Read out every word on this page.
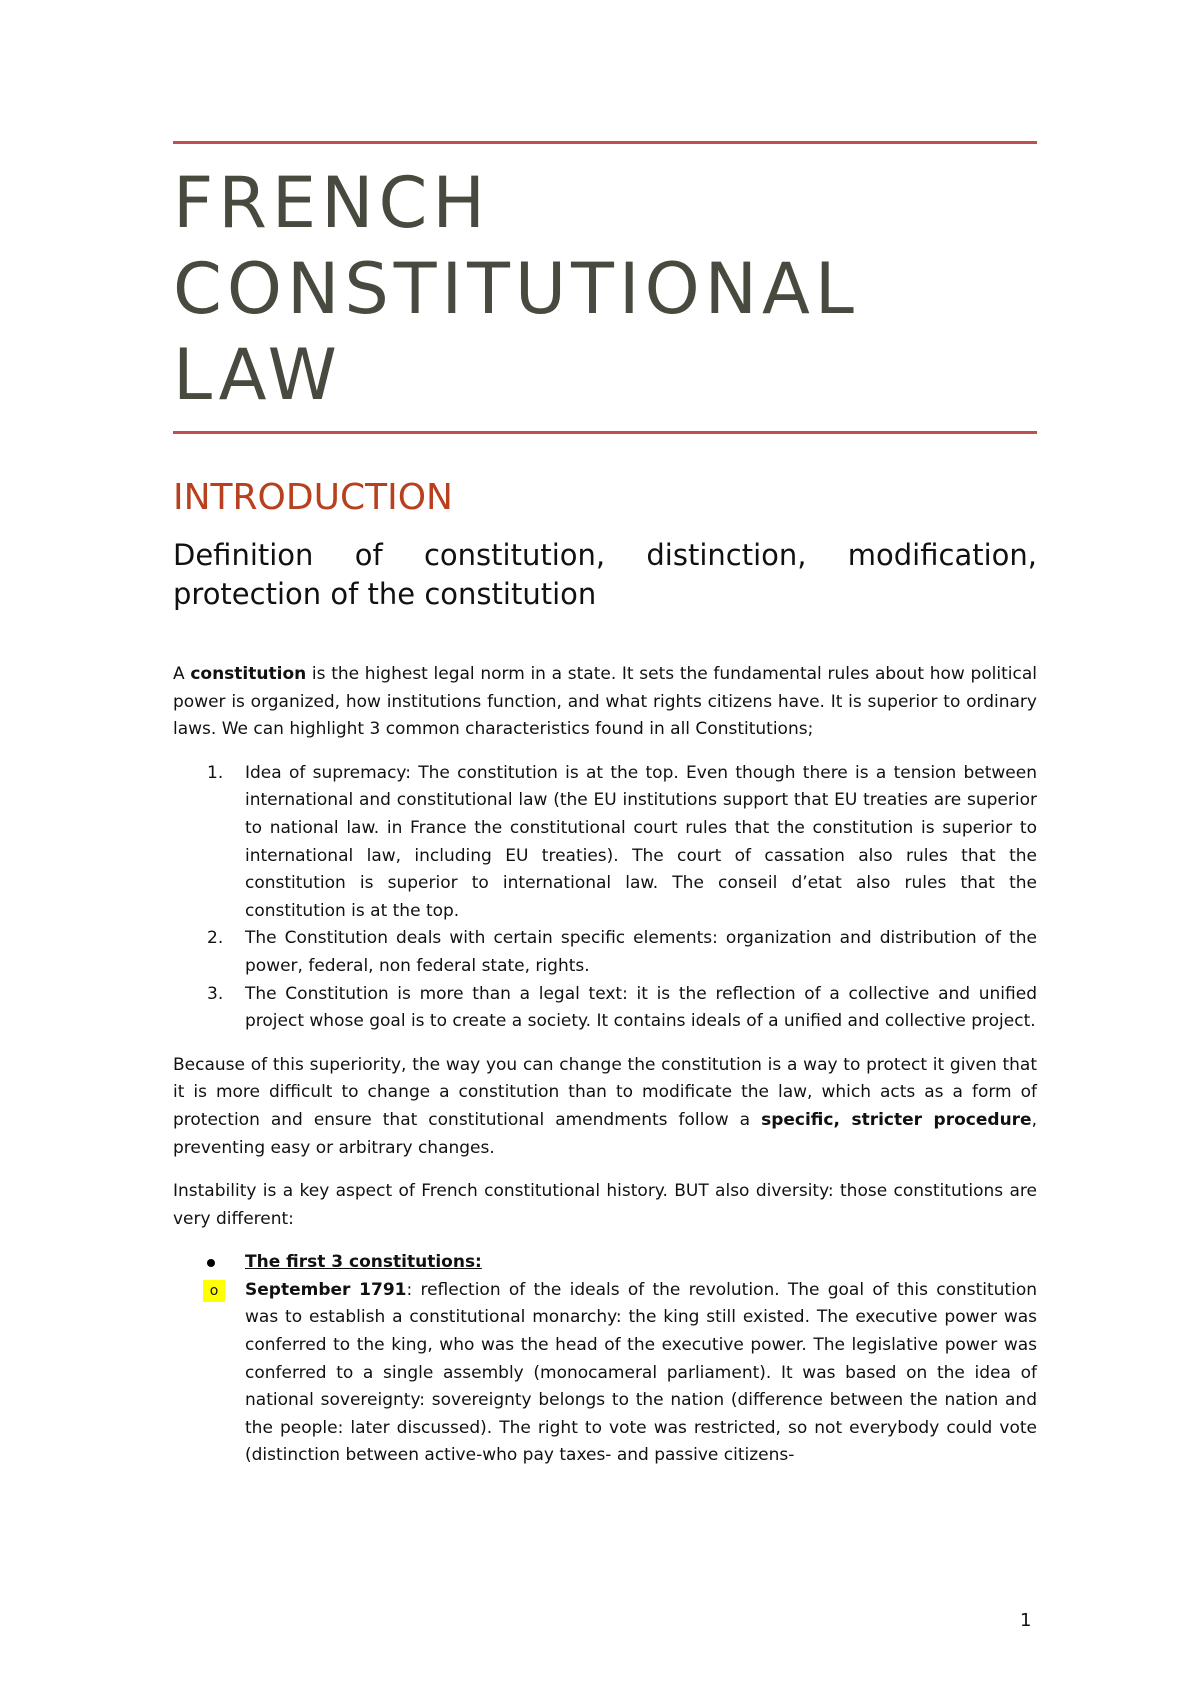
FRENCH
CONSTITUTIONAL
LAW
INTRODUCTION
Definition of constitution, distinction, modification, protection of the constitution

A constitution is the highest legal norm in a state. It sets the fundamental rules about how political power is organized, how institutions function, and what rights citizens have. It is superior to ordinary laws. We can highlight 3 common characteristics found in all Constitutions;

1. Idea of supremacy: The constitution is at the top. Even though there is a tension between international and constitutional law (the EU institutions support that EU treaties are superior to national law. in France the constitutional court rules that the constitution is superior to international law, including EU treaties). The court of cassation also rules that the constitution is superior to international law. The conseil d’etat also rules that the constitution is at the top.
2. The Constitution deals with certain specific elements: organization and distribution of the power, federal, non federal state, rights.
3. The Constitution is more than a legal text: it is the reflection of a collective and unified project whose goal is to create a society. It contains ideals of a unified and collective project.

Because of this superiority, the way you can change the constitution is a way to protect it given that it is more difficult to change a constitution than to modificate the law, which acts as a form of protection and ensure that constitutional amendments follow a specific, stricter procedure, preventing easy or arbitrary changes.

Instability is a key aspect of French constitutional history. BUT also diversity: those constitutions are very different:

The first 3 constitutions:
o	September 1791: reflection of the ideals of the revolution. The goal of this constitution was to establish a constitutional monarchy: the king still existed. The executive power was conferred to the king, who was the head of the executive power. The legislative power was conferred to a single assembly (monocameral parliament). It was based on the idea of national sovereignty: sovereignty belongs to the nation (difference between the nation and the people: later discussed). The right to vote was restricted, so not everybody could vote (distinction between active-who pay taxes- and passive citizens-
1
